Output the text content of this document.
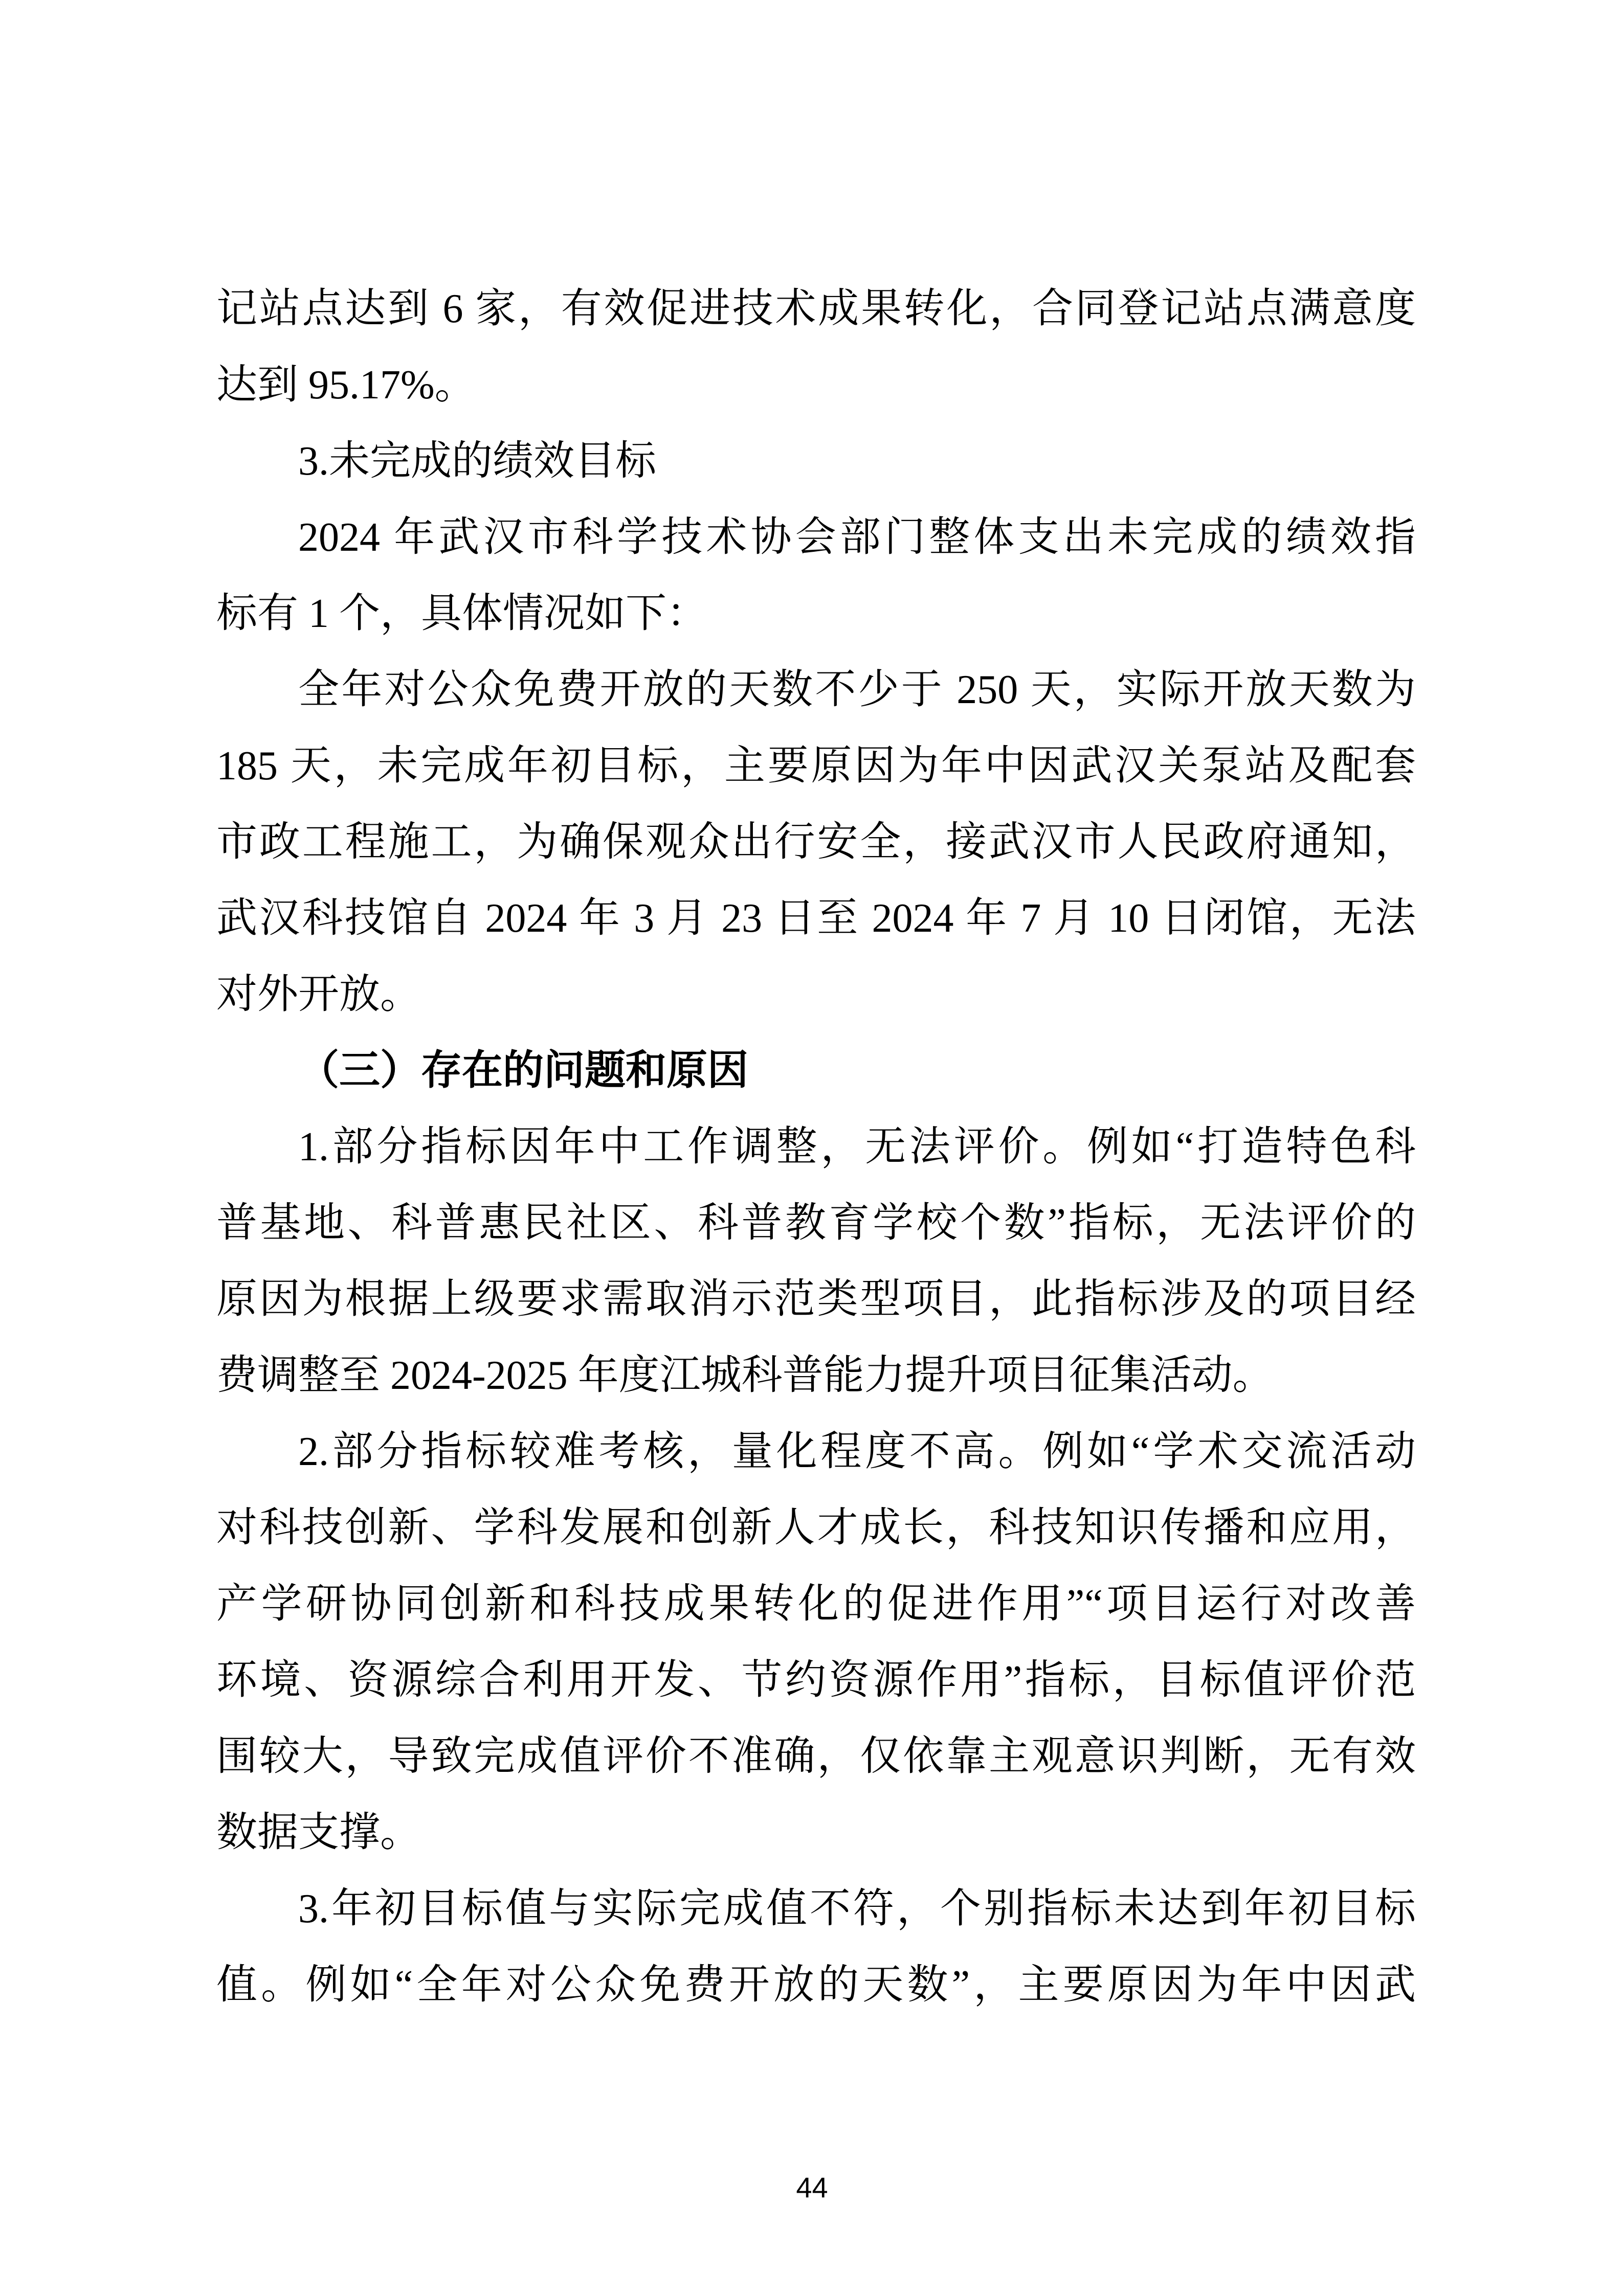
记站点达到 6 家，有效促进技术成果转化，合同登记站点满意度
达到 95.17%。
3.未完成的绩效目标
2024 年武汉市科学技术协会部门整体支出未完成的绩效指
标有 1 个，具体情况如下：
全年对公众免费开放的天数不少于 250 天，实际开放天数为
185 天，未完成年初目标，主要原因为年中因武汉关泵站及配套
市政工程施工，为确保观众出行安全，接武汉市人民政府通知，
武汉科技馆自 2024 年 3 月 23 日至 2024 年 7 月 10 日闭馆，无法
对外开放。
（三）存在的问题和原因
1.部分指标因年中工作调整，无法评价。例如“打造特色科
普基地、科普惠民社区、科普教育学校个数”指标，无法评价的
原因为根据上级要求需取消示范类型项目，此指标涉及的项目经
费调整至 2024-2025 年度江城科普能力提升项目征集活动。
2.部分指标较难考核，量化程度不高。例如“学术交流活动
对科技创新、学科发展和创新人才成长，科技知识传播和应用，
产学研协同创新和科技成果转化的促进作用”“项目运行对改善
环境、资源综合利用开发、节约资源作用”指标，目标值评价范
围较大，导致完成值评价不准确，仅依靠主观意识判断，无有效
数据支撑。
3.年初目标值与实际完成值不符，个别指标未达到年初目标
值。例如“全年对公众免费开放的天数”，主要原因为年中因武
44
